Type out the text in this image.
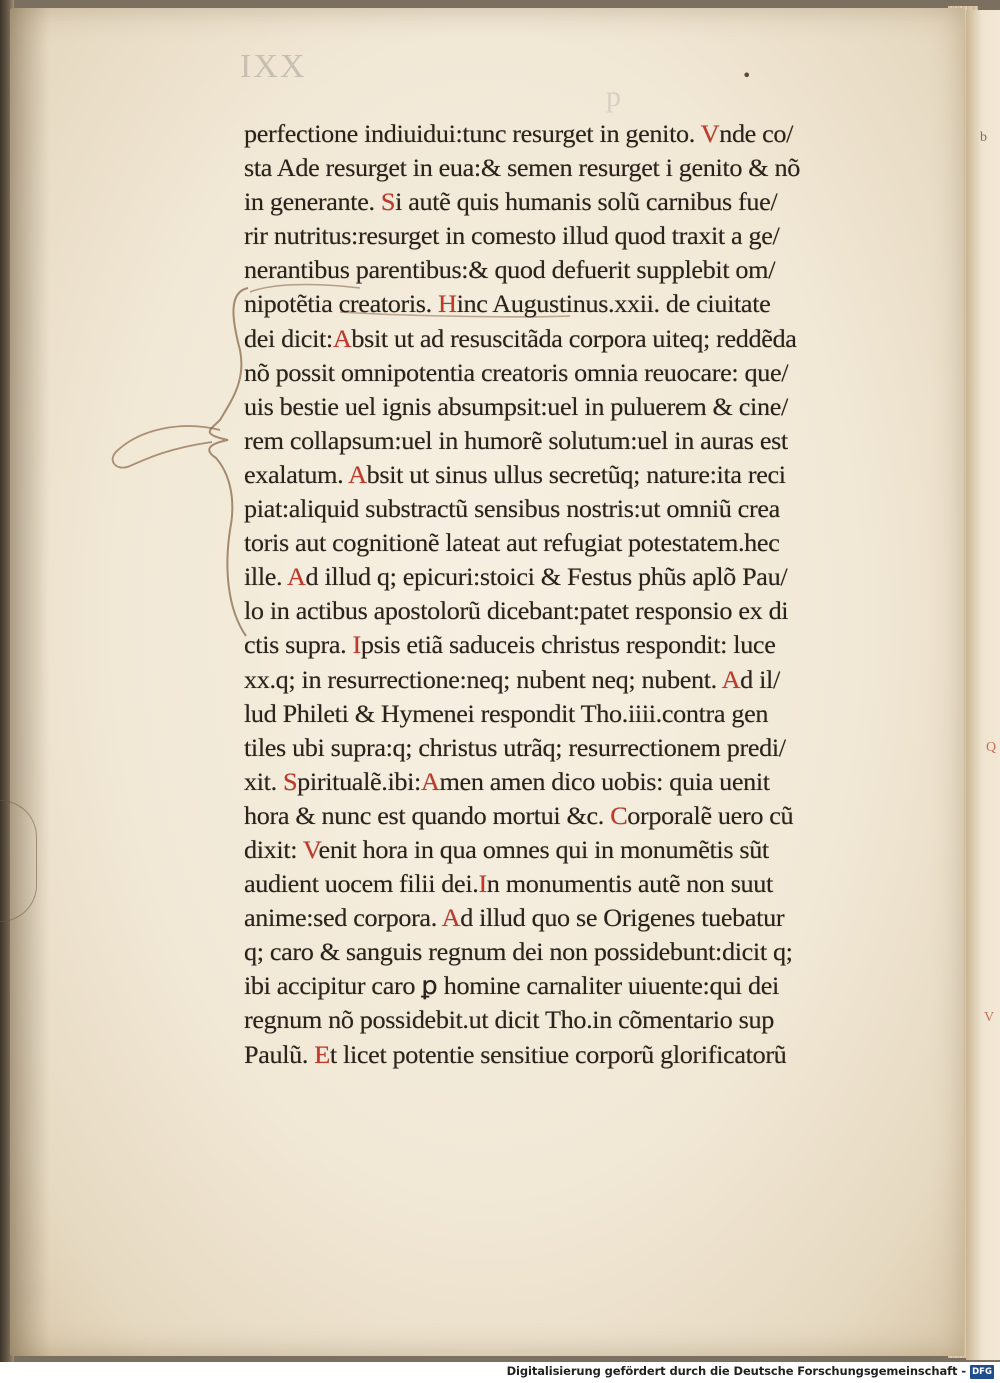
b
Q
V
IXX
p
•
perfectione indiuidui:tunc resurget in genito. Vnde co/
sta Ade resurget in eua:& semen resurget i genito & nõ
in generante. Si autẽ quis humanis solũ carnibus fue/
rir nutritus:resurget in comesto illud quod traxit a ge/
nerantibus parentibus:& quod defuerit supplebit om/
nipotẽtia creatoris. Hinc Augustinus.xxii. de ciuitate
dei dicit:Absit ut ad resuscitãda corpora uiteq; reddẽda
nõ possit omnipotentia creatoris omnia reuocare: que/
uis bestie uel ignis absumpsit:uel in puluerem & cine/
rem collapsum:uel in humorẽ solutum:uel in auras est
exalatum. Absit ut sinus ullus secretũq; nature:ita reci
piat:aliquid substractũ sensibus nostris:ut omniũ crea
toris aut cognitionẽ lateat aut refugiat potestatem.hec
ille. Ad illud q; epicuri:stoici & Festus phũs aplõ Pau/
lo in actibus apostolorũ dicebant:patet responsio ex di
ctis supra. Ipsis etiã saduceis christus respondit: luce
xx.q; in resurrectione:neq; nubent neq; nubent. Ad il/
lud Phileti & Hymenei respondit Tho.iiii.contra gen
tiles ubi supra:q; christus utrãq; resurrectionem predi/
xit. Spiritualẽ.ibi:Amen amen dico uobis: quia uenit
hora & nunc est quando mortui &c. Corporalẽ uero cũ
dixit: Venit hora in qua omnes qui in monumẽtis sũt
audient uocem filii dei.In monumentis autẽ non suut
anime:sed corpora. Ad illud quo se Origenes tuebatur
q; caro & sanguis regnum dei non possidebunt:dicit q;
ibi accipitur caro ꝑ homine carnaliter uiuente:qui dei
regnum nõ possidebit.ut dicit Tho.in cõmentario sup
Paulũ. Et licet potentie sensitiue corporũ glorificatorũ
Digitalisierung gefördert durch die Deutsche Forschungsgemeinschaft - DFG
